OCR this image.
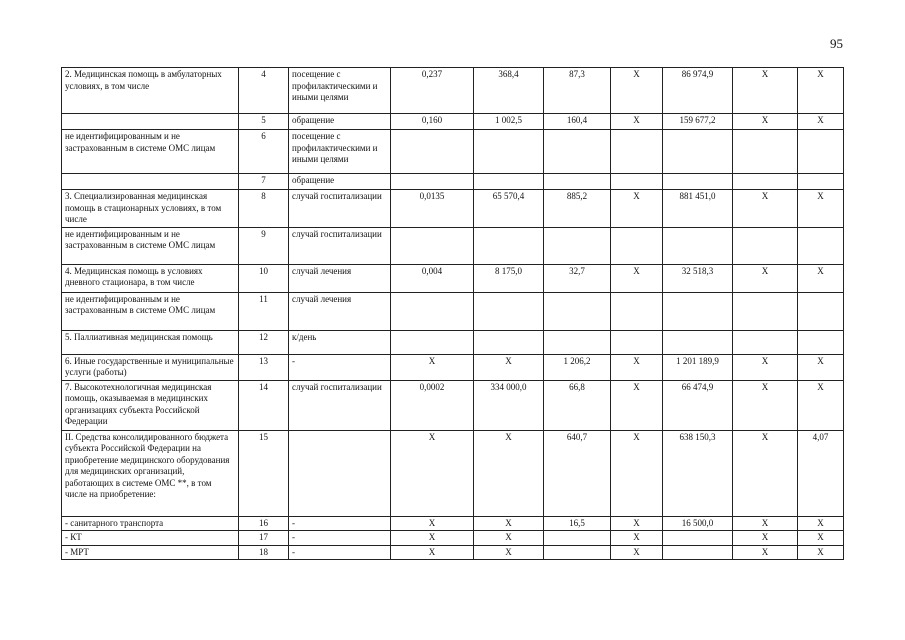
95
2. Медицинская помощь в амбулаторных условиях, в том числе	4	посещение с профилактическими и иными целями	0,237	368,4	87,3	X	86 974,9	X	X
	5	обращение	0,160	1 002,5	160,4	X	159 677,2	X	X
не идентифицированным и не застрахованным в системе ОМС лицам	6	посещение с профилактическими и иными целями							
	7	обращение							
3. Специализированная медицинская помощь в стационарных условиях, в том числе	8	случай госпитализации	0,0135	65 570,4	885,2	X	881 451,0	X	X
не идентифицированным и не застрахованным в системе ОМС лицам	9	случай госпитализации							
4. Медицинская помощь в условиях дневного стационара, в том числе	10	случай лечения	0,004	8 175,0	32,7	X	32 518,3	X	X
не идентифицированным и не застрахованным в системе ОМС лицам	11	случай лечения							
5. Паллиативная медицинская помощь	12	к/день							
6. Иные государственные и муниципальные услуги (работы)	13	-	X	X	1 206,2	X	1 201 189,9	X	X
7. Высокотехнологичная медицинская помощь, оказываемая в медицинских организациях субъекта Российской Федерации	14	случай госпитализации	0,0002	334 000,0	66,8	X	66 474,9	X	X
II. Средства консолидированного бюджета субъекта Российской Федерации на приобретение медицинского оборудования для медицинских организаций, работающих в системе ОМС **, в том числе на приобретение:	15		X	X	640,7	X	638 150,3	X	4,07
- санитарного транспорта	16	-	X	X	16,5	X	16 500,0	X	X
- КТ	17	-	X	X		X		X	X
- МРТ	18	-	X	X		X		X	X
